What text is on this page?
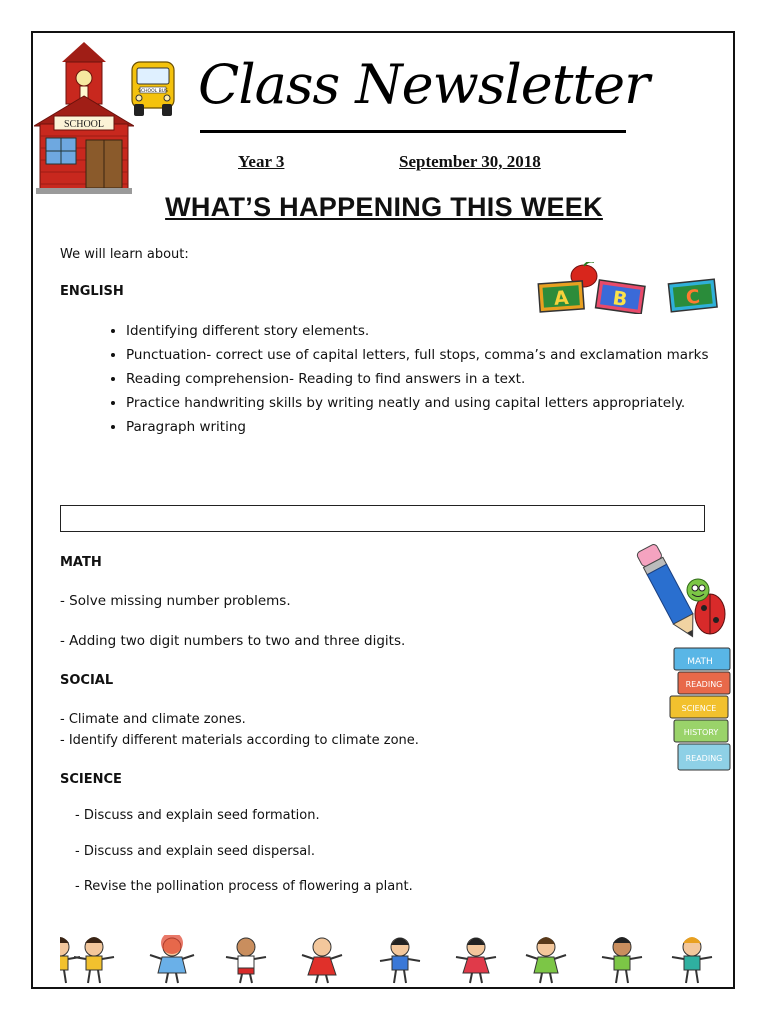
SCHOOL
SCHOOL BUS Class Newsletter
Year 3	September 30, 2018
WHAT’S HAPPENING THIS WEEK
We will learn about:
ENGLISH	A B	C
• Identifying different story elements.
• Punctuation- correct use of capital letters, full stops, comma’s and exclamation marks
• Reading comprehension- Reading to find answers in a text.
• Practice handwriting skills by writing neatly and using capital letters appropriately.
• Paragraph writing
MATH
- Solve missing number problems.
- Adding two digit numbers to two and three digits.
SOCIAL
- Climate and climate zones.
- Identify different materials according to climate zone.
MATH
READING
SCIENCE
HISTORY
READING
SCIENCE
- Discuss and explain seed formation.
- Discuss and explain seed dispersal.
- Revise the pollination process of flowering a plant.
